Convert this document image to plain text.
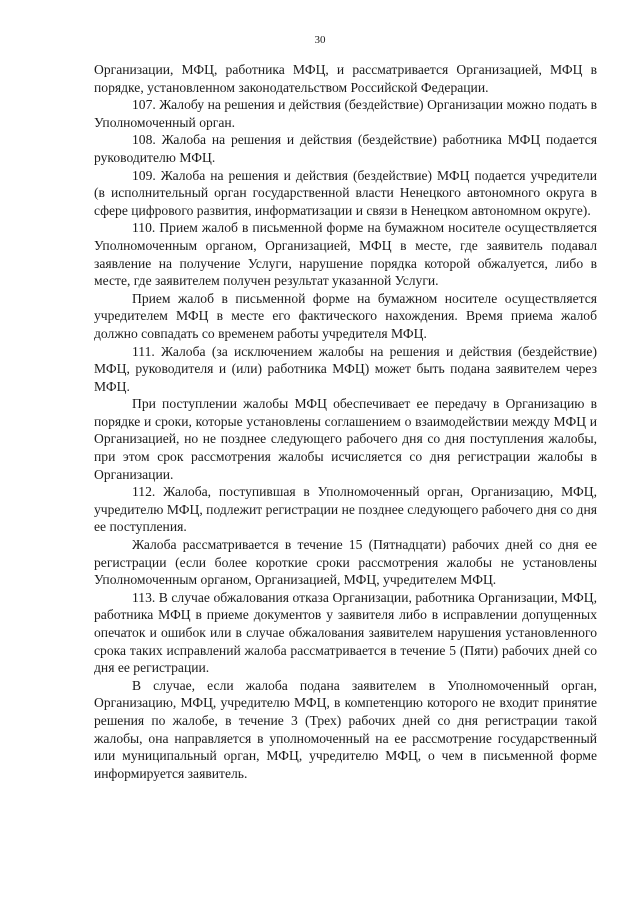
30

Организации, МФЦ, работника МФЦ, и рассматривается Организацией, МФЦ в порядке, установленном законодательством Российской Федерации.

107. Жалобу на решения и действия (бездействие) Организации можно подать в Уполномоченный орган.

108. Жалоба на решения и действия (бездействие) работника МФЦ подается руководителю МФЦ.

109. Жалоба на решения и действия (бездействие) МФЦ подается учредители (в исполнительный орган государственной власти Ненецкого автономного округа в сфере цифрового развития, информатизации и связи в Ненецком автономном округе).

110. Прием жалоб в письменной форме на бумажном носителе осуществляется Уполномоченным органом, Организацией, МФЦ в месте, где заявитель подавал заявление на получение Услуги, нарушение порядка которой обжалуется, либо в месте, где заявителем получен результат указанной Услуги.

Прием жалоб в письменной форме на бумажном носителе осуществляется учредителем МФЦ в месте его фактического нахождения. Время приема жалоб должно совпадать со временем работы учредителя МФЦ.

111. Жалоба (за исключением жалобы на решения и действия (бездействие) МФЦ, руководителя и (или) работника МФЦ) может быть подана заявителем через МФЦ.

При поступлении жалобы МФЦ обеспечивает ее передачу в Организацию в порядке и сроки, которые установлены соглашением о взаимодействии между МФЦ и Организацией, но не позднее следующего рабочего дня со дня поступления жалобы, при этом срок рассмотрения жалобы исчисляется со дня регистрации жалобы в Организации.

112. Жалоба, поступившая в Уполномоченный орган, Организацию, МФЦ, учредителю МФЦ, подлежит регистрации не позднее следующего рабочего дня со дня ее поступления.

Жалоба рассматривается в течение 15 (Пятнадцати) рабочих дней со дня ее регистрации (если более короткие сроки рассмотрения жалобы не установлены Уполномоченным органом, Организацией, МФЦ, учредителем МФЦ.

113. В случае обжалования отказа Организации, работника Организации, МФЦ, работника МФЦ в приеме документов у заявителя либо в исправлении допущенных опечаток и ошибок или в случае обжалования заявителем нарушения установленного срока таких исправлений жалоба рассматривается в течение 5 (Пяти) рабочих дней со дня ее регистрации.

В случае, если жалоба подана заявителем в Уполномоченный орган, Организацию, МФЦ, учредителю МФЦ, в компетенцию которого не входит принятие решения по жалобе, в течение 3 (Трех) рабочих дней со дня регистрации такой жалобы, она направляется в уполномоченный на ее рассмотрение государственный или муниципальный орган, МФЦ, учредителю МФЦ, о чем в письменной форме информируется заявитель.
